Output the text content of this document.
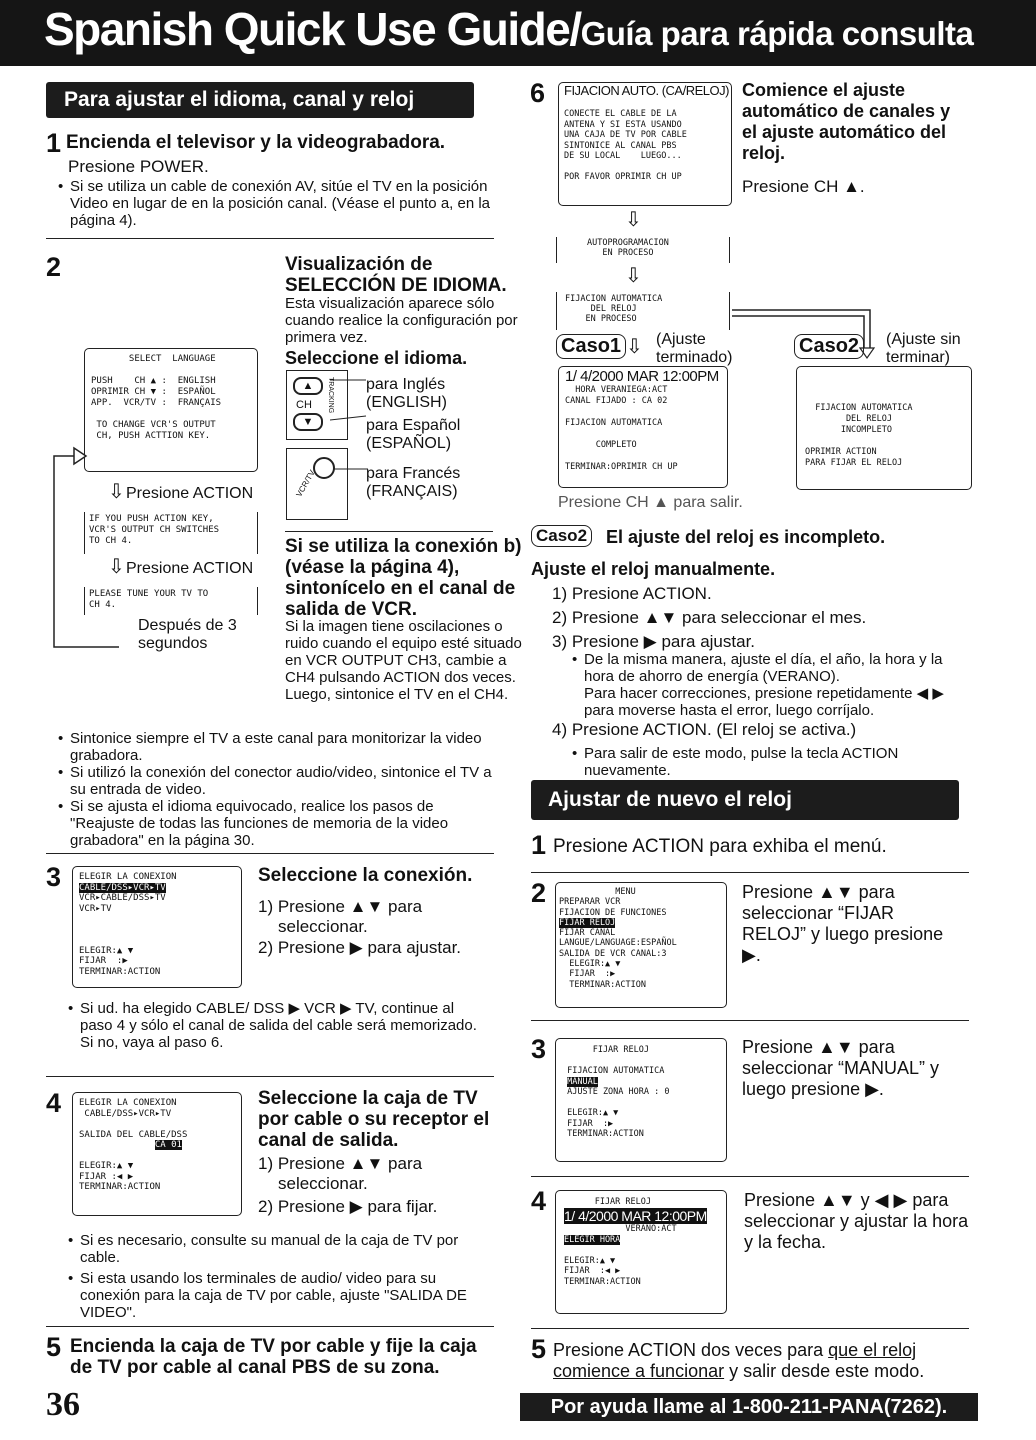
Spanish Quick Use Guide/Guía para rápida consulta
Para ajustar el idioma, canal y reloj
1 Encienda el televisor y la videograbadora.
Presione POWER.
• Si se utiliza un cable de conexión AV, sitúe el TV en la posición Video en lugar de en la posición canal. (Véase el punto a, en la página 4).
2	Visualización de SELECCIÓN DE IDIOMA.
Esta visualización aparece sólo cuando realice la configuración por primera vez.
Seleccione el idioma.
SELECT  LANGUAGE

PUSH    CH ▲ :  ENGLISH
OPRIMIR CH ▼ :  ESPAÑOL
APP.  VCR/TV :  FRANÇAIS

TO CHANGE VCR'S OUTPUT
CH, PUSH ACTTION KEY.
⇩ Presione ACTION
IF YOU PUSH ACTION KEY,
VCR'S OUTPUT CH SWITCHES
TO CH 4.
⇩ Presione ACTION
PLEASE TUNE YOUR TV TO
CH 4.
Después de 3 segundos
▲
CH
▼
TRACKING para Inglés (ENGLISH)
para Español (ESPAÑOL)
VCR/TV	para Francés (FRANÇAIS)
Si se utiliza la conexión b) (véase la página 4), sintonícelo en el canal de salida de VCR.
Si la imagen tiene oscilaciones o ruido cuando el equipo esté situado en VCR OUTPUT CH3, cambie a CH4 pulsando ACTION dos veces.
Luego, sintonice el TV en el CH4.
• Sintonice siempre el TV a este canal para monitorizar la video grabadora.
• Si utilizó la conexión del conector audio/video, sintonice el TV a su entrada de video.
• Si se ajusta el idioma equivocado, realice los pasos de "Reajuste de todas las funciones de memoria de la video grabadora" en la página 30.
3	ELEGIR LA CONEXION
CABLE/DSS▸VCR▸TV
VCR▸CABLE/DSS▸TV
VCR▸TV

ELEGIR:▲ ▼
FIJAR  :▶
TERMINAR:ACTION
Seleccione la conexión.
1) Presione ▲▼ para seleccionar.
2) Presione ▶ para ajustar.
• Si ud. ha elegido CABLE/ DSS ▶ VCR ▶ TV, continue al paso 4 y sólo el canal de salida del cable será memorizado.
Si no, vaya al paso 6.
4	ELEGIR LA CONEXION
CABLE/DSS▸VCR▸TV

SALIDA DEL CABLE/DSS
CA 01

ELEGIR:▲ ▼
FIJAR :◀ ▶
TERMINAR:ACTION
Seleccione la caja de TV por cable o su receptor el canal de salida.
1) Presione ▲▼ para seleccionar.
2) Presione ▶ para fijar.
• Si es necesario, consulte su manual de la caja de TV por cable.
• Si esta usando los terminales de audio/ video para su conexión para la caja de TV por cable, ajuste "SALIDA DE VIDEO".
5 Encienda la caja de TV por cable y fije la caja de TV por cable al canal PBS de su zona.
36
6	FIJACION AUTO. (CA/RELOJ)

CONECTE EL CABLE DE LA
ANTENA Y SI ESTA USANDO
UNA CAJA DE TV POR CABLE
SINTONICE AL CANAL PBS
DE SU LOCAL    LUEGO...

POR FAVOR OPRIMIR CH UP
Comience el ajuste automático de canales y el ajuste automático del reloj.
Presione CH ▲.
⇩
AUTOPROGRAMACION
EN PROCESO
⇩
FIJACION AUTOMATICA
DEL RELOJ
EN PROCESO
Caso1 ⇩ (Ajuste terminado)
Caso2	(Ajuste sin terminar)
1/ 4/2000 MAR 12:00PM
HORA VERANIEGA:ACT
CANAL FIJADO : CA 02

FIJACION AUTOMATICA

COMPLETO

TERMINAR:OPRIMIR CH UP
FIJACION AUTOMATICA
DEL RELOJ
INCOMPLETO

OPRIMIR ACTION
PARA FIJAR EL RELOJ
Presione CH ▲ para salir.
Caso2 El ajuste del reloj es incompleto.
Ajuste el reloj manualmente.
1) Presione ACTION.
2) Presione ▲▼ para seleccionar el mes.
3) Presione ▶ para ajustar.
• De la misma manera, ajuste el día, el año, la hora y la hora de ahorro de energía (VERANO).
Para hacer correcciones, presione repetidamente ◀ ▶ para moverse hasta el error, luego corríjalo.
4) Presione ACTION. (El reloj se activa.)
• Para salir de este modo, pulse la tecla ACTION nuevamente.
Ajustar de nuevo el reloj
1 Presione ACTION para exhiba el menú.
2	MENU
PREPARAR VCR
FIJACION DE FUNCIONES
FIJAR RELOJ
FIJAR CANAL
LANGUE/LANGUAGE:ESPAÑOL
SALIDA DE VCR CANAL:3
ELEGIR:▲ ▼
FIJAR  :▶
TERMINAR:ACTION
Presione ▲▼ para seleccionar “FIJAR RELOJ” y luego presione ▶.
3	FIJAR RELOJ

FIJACION AUTOMATICA
MANUAL
AJUSTE ZONA HORA : 0

ELEGIR:▲ ▼
FIJAR  :▶
TERMINAR:ACTION
Presione ▲▼ para seleccionar “MANUAL” y luego presione ▶.
4	FIJAR RELOJ
1/ 4/2000 MAR 12:00PM
VERANO:ACT
ELEGIR HORA

ELEGIR:▲ ▼
FIJAR  :◀ ▶
TERMINAR:ACTION
Presione ▲▼ y ◀ ▶ para seleccionar y ajustar la hora y la fecha.
5 Presione ACTION dos veces para que el reloj comience a funcionar y salir desde este modo.
Por ayuda llame al 1-800-211-PANA(7262).
